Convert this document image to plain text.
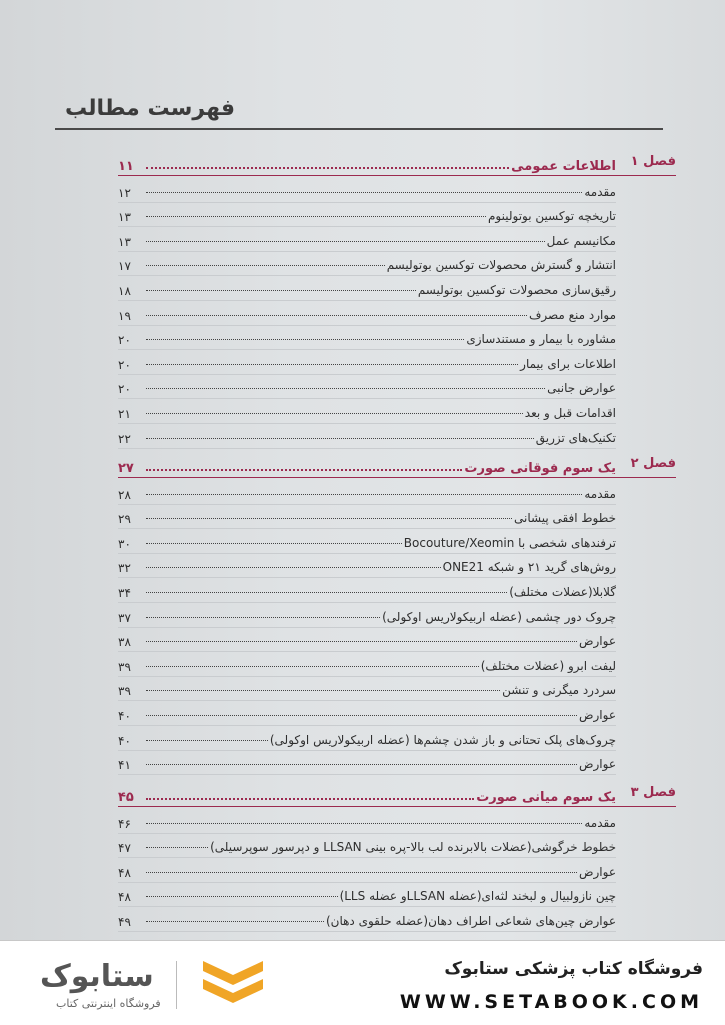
فهرست مطالب
فصل ۱
اطلاعات عمومی
۱۱
مقدمه
۱۲
تاریخچه توکسین بوتولینوم
۱۳
مکانیسم عمل
۱۳
انتشار و گسترش محصولات توکسین بوتولیسم
۱۷
رقیق‌سازی محصولات توکسین بوتولیسم
۱۸
موارد منع مصرف
۱۹
مشاوره با بیمار و مستندسازی
۲۰
اطلاعات برای بیمار
۲۰
عوارض جانبی
۲۰
اقدامات قبل و بعد
۲۱
تکنیک‌های تزریق
۲۲
فصل ۲
یک سوم فوقانی صورت
۲۷
مقدمه
۲۸
خطوط افقی پیشانی
۲۹
ترفندهای شخصی با Bocouture/Xeomin
۳۰
روش‌های گرید ۲۱ و شبکه ONE21
۳۲
گلابلا(عضلات مختلف)
۳۴
چروک دور چشمی (عضله اربیکولاریس اوکولی)
۳۷
عوارض
۳۸
لیفت ابرو (عضلات مختلف)
۳۹
سردرد میگرنی و تنشن
۳۹
عوارض
۴۰
چروک‌های پلک تحتانی و باز شدن چشم‌ها (عضله اربیکولاریس اوکولی)
۴۰
عوارض
۴۱
فصل ۳
یک سوم میانی صورت
۴۵
مقدمه
۴۶
خطوط خرگوشی(عضلات بالابرنده لب بالا-پره بینی LLSAN و دپرسور سوپرسیلی)
۴۷
عوارض
۴۸
چین نازولبیال و لبخند لثه‌ای(عضله LLSANو عضله LLS)
۴۸
عوارض چین‌های شعاعی اطراف دهان(عضله حلقوی دهان)
۴۹
فروشگاه کتاب پزشکی ستابوک
WWW.SETABOOK.COM
ستابوک
فروشگاه اینترنتی کتاب
